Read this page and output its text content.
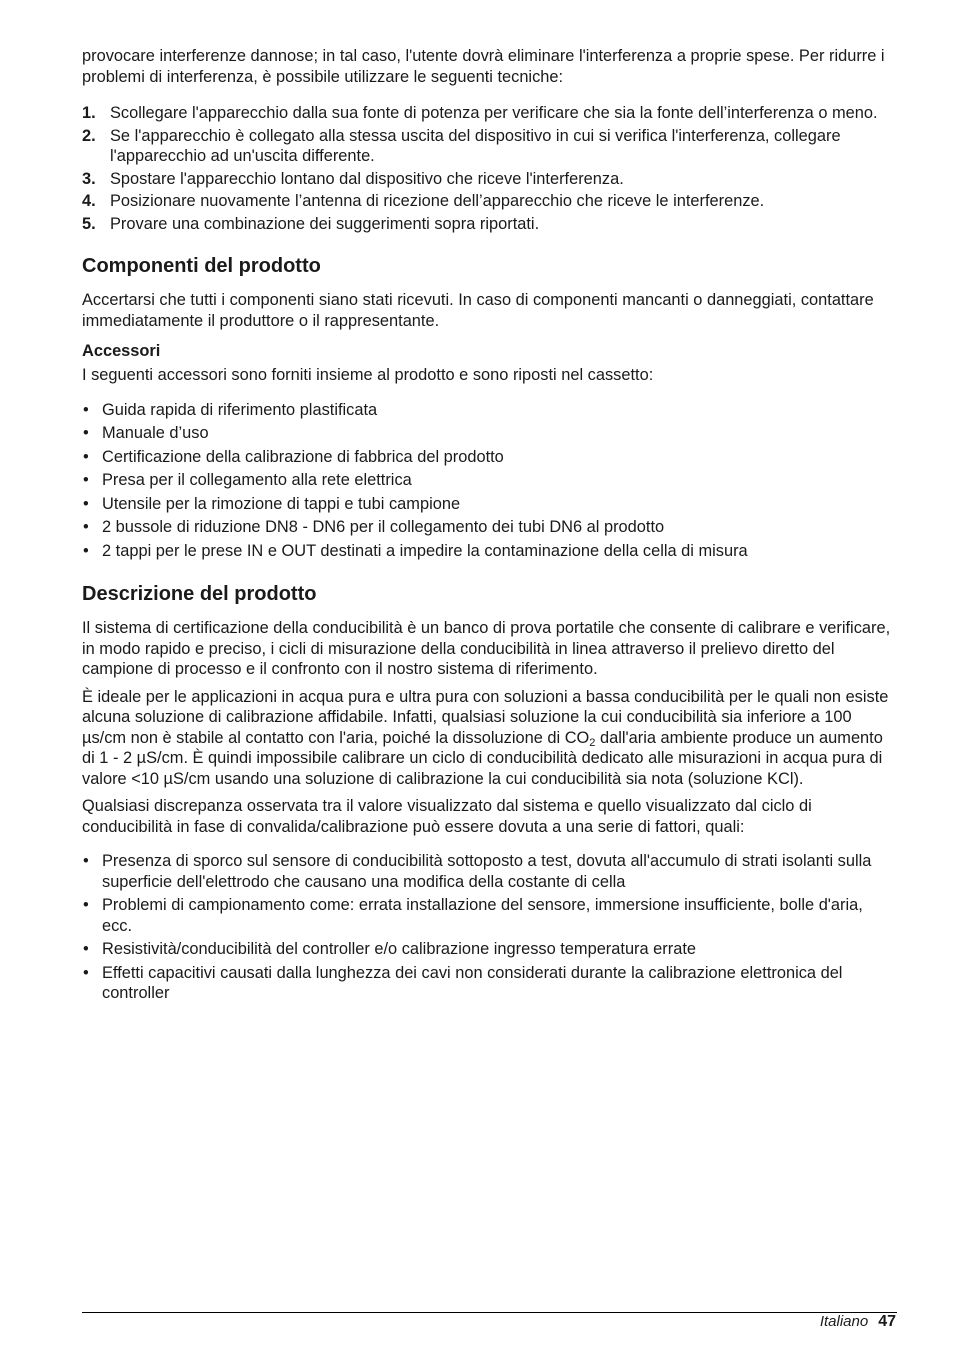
provocare interferenze dannose; in tal caso, l'utente dovrà eliminare l'interferenza a proprie spese. Per ridurre i problemi di interferenza, è possibile utilizzare le seguenti tecniche:

1. Scollegare l'apparecchio dalla sua fonte di potenza per verificare che sia la fonte dell’interferenza o meno.
2. Se l'apparecchio è collegato alla stessa uscita del dispositivo in cui si verifica l'interferenza, collegare l'apparecchio ad un'uscita differente.
3. Spostare l'apparecchio lontano dal dispositivo che riceve l'interferenza.
4. Posizionare nuovamente l’antenna di ricezione dell’apparecchio che riceve le interferenze.
5. Provare una combinazione dei suggerimenti sopra riportati.
Componenti del prodotto

Accertarsi che tutti i componenti siano stati ricevuti. In caso di componenti mancanti o danneggiati, contattare immediatamente il produttore o il rappresentante.

Accessori

I seguenti accessori sono forniti insieme al prodotto e sono riposti nel cassetto:

• Guida rapida di riferimento plastificata
• Manuale d’uso
• Certificazione della calibrazione di fabbrica del prodotto
• Presa per il collegamento alla rete elettrica
• Utensile per la rimozione di tappi e tubi campione
• 2 bussole di riduzione DN8 - DN6 per il collegamento dei tubi DN6 al prodotto
• 2 tappi per le prese IN e OUT destinati a impedire la contaminazione della cella di misura
Descrizione del prodotto

Il sistema di certificazione della conducibilità è un banco di prova portatile che consente di calibrare e verificare, in modo rapido e preciso, i cicli di misurazione della conducibilità in linea attraverso il prelievo diretto del campione di processo e il confronto con il nostro sistema di riferimento.

È ideale per le applicazioni in acqua pura e ultra pura con soluzioni a bassa conducibilità per le quali non esiste alcuna soluzione di calibrazione affidabile. Infatti, qualsiasi soluzione la cui conducibilità sia inferiore a 100 µs/cm non è stabile al contatto con l'aria, poiché la dissoluzione di $CO_2$ dall'aria ambiente produce un aumento di 1 - 2 µS/cm. È quindi impossibile calibrare un ciclo di conducibilità dedicato alle misurazioni in acqua pura di valore <10 µS/cm usando una soluzione di calibrazione la cui conducibilità sia nota (soluzione KCl).

Qualsiasi discrepanza osservata tra il valore visualizzato dal sistema e quello visualizzato dal ciclo di conducibilità in fase di convalida/calibrazione può essere dovuta a una serie di fattori, quali:

• Presenza di sporco sul sensore di conducibilità sottoposto a test, dovuta all'accumulo di strati isolanti sulla superficie dell'elettrodo che causano una modifica della costante di cella
• Problemi di campionamento come: errata installazione del sensore, immersione insufficiente, bolle d'aria, ecc.
• Resistività/conducibilità del controller e/o calibrazione ingresso temperatura errate
• Effetti capacitivi causati dalla lunghezza dei cavi non considerati durante la calibrazione elettronica del controller
Italiano 47
